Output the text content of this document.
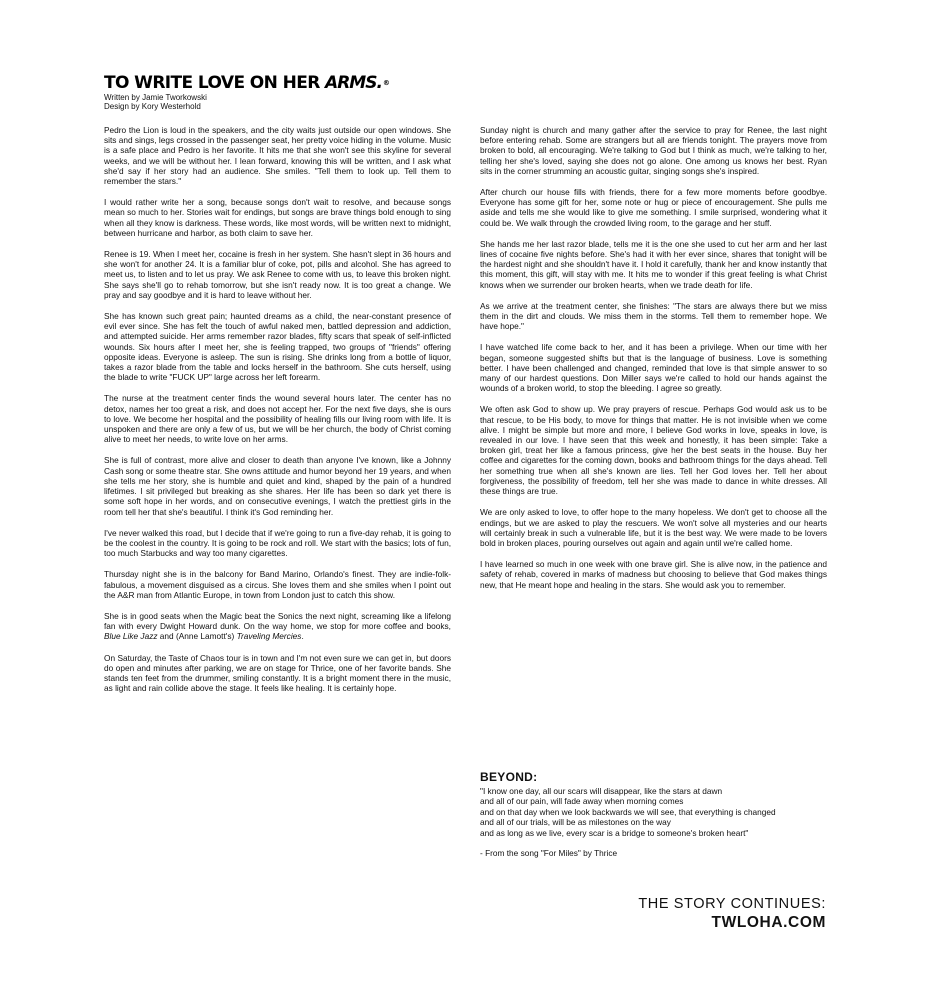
TO WRITE LOVE ON HER ARMS.®

Written by Jamie Tworkowski

Design by Kory Westerhold

Pedro the Lion is loud in the speakers, and the city waits just outside our open windows. She sits and sings, legs crossed in the passenger seat, her pretty voice hiding in the volume. Music is a safe place and Pedro is her favorite. It hits me that she won't see this skyline for several weeks, and we will be without her. I lean forward, knowing this will be written, and I ask what she'd say if her story had an audience. She smiles. "Tell them to look up. Tell them to remember the stars."

I would rather write her a song, because songs don't wait to resolve, and because songs mean so much to her. Stories wait for endings, but songs are brave things bold enough to sing when all they know is darkness. These words, like most words, will be written next to midnight, between hurricane and harbor, as both claim to save her.

Renee is 19. When I meet her, cocaine is fresh in her system. She hasn't slept in 36 hours and she won't for another 24. It is a familiar blur of coke, pot, pills and alcohol. She has agreed to meet us, to listen and to let us pray. We ask Renee to come with us, to leave this broken night. She says she'll go to rehab tomorrow, but she isn't ready now. It is too great a change. We pray and say goodbye and it is hard to leave without her.

She has known such great pain; haunted dreams as a child, the near-constant presence of evil ever since. She has felt the touch of awful naked men, battled depression and addiction, and attempted suicide. Her arms remember razor blades, fifty scars that speak of self-inflicted wounds. Six hours after I meet her, she is feeling trapped, two groups of "friends" offering opposite ideas. Everyone is asleep. The sun is rising. She drinks long from a bottle of liquor, takes a razor blade from the table and locks herself in the bathroom. She cuts herself, using the blade to write "FUCK UP" large across her left forearm.

The nurse at the treatment center finds the wound several hours later. The center has no detox, names her too great a risk, and does not accept her. For the next five days, she is ours to love. We become her hospital and the possibility of healing fills our living room with life. It is unspoken and there are only a few of us, but we will be her church, the body of Christ coming alive to meet her needs, to write love on her arms.

She is full of contrast, more alive and closer to death than anyone I've known, like a Johnny Cash song or some theatre star. She owns attitude and humor beyond her 19 years, and when she tells me her story, she is humble and quiet and kind, shaped by the pain of a hundred lifetimes. I sit privileged but breaking as she shares. Her life has been so dark yet there is some soft hope in her words, and on consecutive evenings, I watch the prettiest girls in the room tell her that she's beautiful. I think it's God reminding her.

I've never walked this road, but I decide that if we're going to run a five-day rehab, it is going to be the coolest in the country. It is going to be rock and roll. We start with the basics; lots of fun, too much Starbucks and way too many cigarettes.

Thursday night she is in the balcony for Band Marino, Orlando's finest. They are indie-folk-fabulous, a movement disguised as a circus. She loves them and she smiles when I point out the A&R man from Atlantic Europe, in town from London just to catch this show.

She is in good seats when the Magic beat the Sonics the next night, screaming like a lifelong fan with every Dwight Howard dunk. On the way home, we stop for more coffee and books, Blue Like Jazz and (Anne Lamott's) Traveling Mercies.

On Saturday, the Taste of Chaos tour is in town and I'm not even sure we can get in, but doors do open and minutes after parking, we are on stage for Thrice, one of her favorite bands. She stands ten feet from the drummer, smiling constantly. It is a bright moment there in the music, as light and rain collide above the stage. It feels like healing. It is certainly hope.

Sunday night is church and many gather after the service to pray for Renee, the last night before entering rehab. Some are strangers but all are friends tonight. The prayers move from broken to bold, all encouraging. We're talking to God but I think as much, we're talking to her, telling her she's loved, saying she does not go alone. One among us knows her best. Ryan sits in the corner strumming an acoustic guitar, singing songs she's inspired.

After church our house fills with friends, there for a few more moments before goodbye. Everyone has some gift for her, some note or hug or piece of encouragement. She pulls me aside and tells me she would like to give me something. I smile surprised, wondering what it could be. We walk through the crowded living room, to the garage and her stuff.

She hands me her last razor blade, tells me it is the one she used to cut her arm and her last lines of cocaine five nights before. She's had it with her ever since, shares that tonight will be the hardest night and she shouldn't have it. I hold it carefully, thank her and know instantly that this moment, this gift, will stay with me. It hits me to wonder if this great feeling is what Christ knows when we surrender our broken hearts, when we trade death for life.

As we arrive at the treatment center, she finishes: "The stars are always there but we miss them in the dirt and clouds. We miss them in the storms. Tell them to remember hope. We have hope."

I have watched life come back to her, and it has been a privilege. When our time with her began, someone suggested shifts but that is the language of business. Love is something better. I have been challenged and changed, reminded that love is that simple answer to so many of our hardest questions. Don Miller says we're called to hold our hands against the wounds of a broken world, to stop the bleeding. I agree so greatly.

We often ask God to show up. We pray prayers of rescue. Perhaps God would ask us to be that rescue, to be His body, to move for things that matter. He is not invisible when we come alive. I might be simple but more and more, I believe God works in love, speaks in love, is revealed in our love. I have seen that this week and honestly, it has been simple: Take a broken girl, treat her like a famous princess, give her the best seats in the house. Buy her coffee and cigarettes for the coming down, books and bathroom things for the days ahead. Tell her something true when all she's known are lies. Tell her God loves her. Tell her about forgiveness, the possibility of freedom, tell her she was made to dance in white dresses. All these things are true.

We are only asked to love, to offer hope to the many hopeless. We don't get to choose all the endings, but we are asked to play the rescuers. We won't solve all mysteries and our hearts will certainly break in such a vulnerable life, but it is the best way. We were made to be lovers bold in broken places, pouring ourselves out again and again until we're called home.

I have learned so much in one week with one brave girl. She is alive now, in the patience and safety of rehab, covered in marks of madness but choosing to believe that God makes things new, that He meant hope and healing in the stars. She would ask you to remember.

BEYOND:

"I know one day, all our scars will disappear, like the stars at dawn

and all of our pain, will fade away when morning comes

and on that day when we look backwards we will see, that everything is changed

and all of our trials, will be as milestones on the way

and as long as we live, every scar is a bridge to someone's broken heart"

- From the song "For Miles" by Thrice

THE STORY CONTINUES:

TWLOHA.COM
